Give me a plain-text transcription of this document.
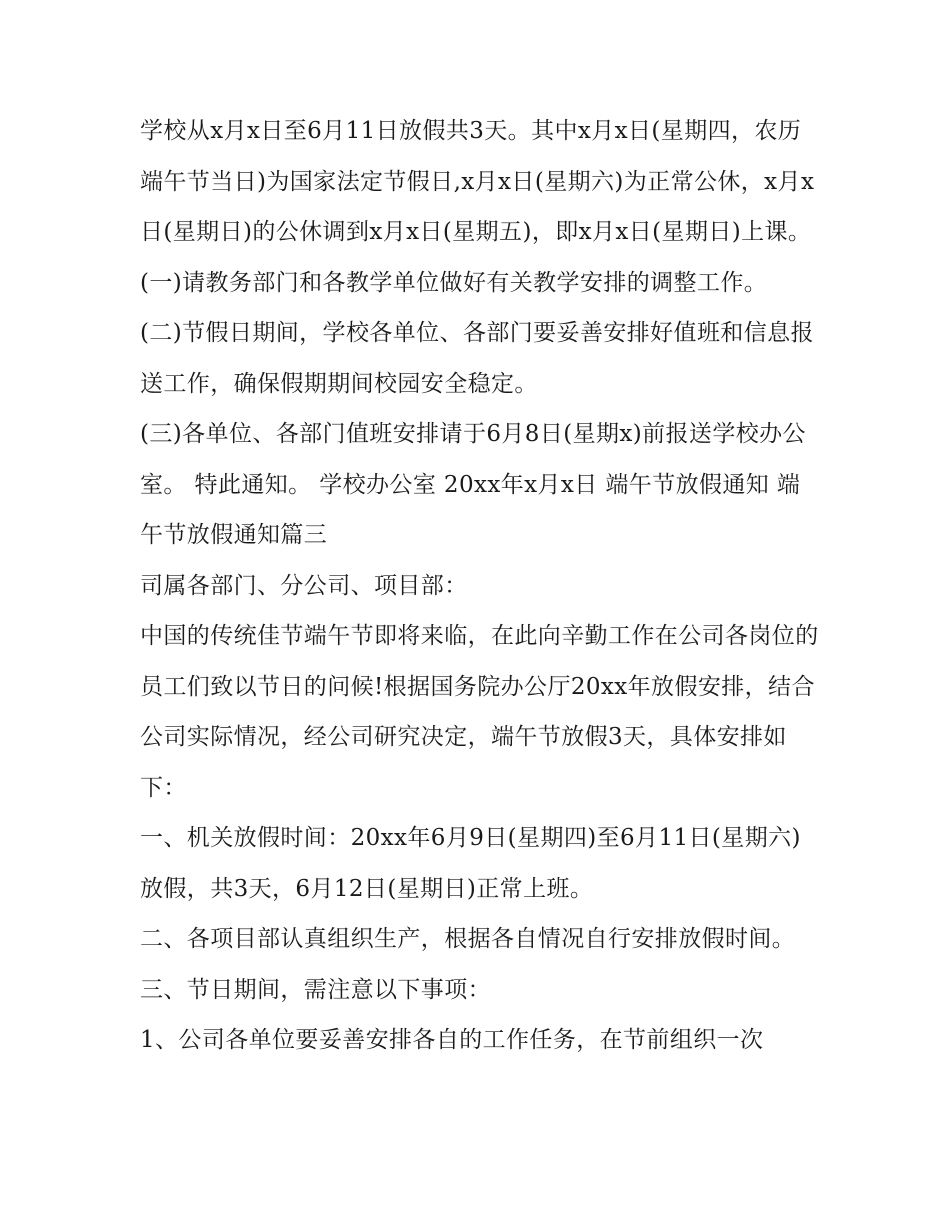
学校从x月x日至6月11日放假共3天。其中x月x日(星期四，农历端午节当日)为国家法定节假日,x月x日(星期六)为正常公休，x月x日(星期日)的公休调到x月x日(星期五)，即x月x日(星期日)上课。

(一)请教务部门和各教学单位做好有关教学安排的调整工作。

(二)节假日期间，学校各单位、各部门要妥善安排好值班和信息报送工作，确保假期期间校园安全稳定。

(三)各单位、各部门值班安排请于6月8日(星期x)前报送学校办公室。 特此通知。 学校办公室 20xx年x月x日 端午节放假通知 端午节放假通知篇三

司属各部门、分公司、项目部：

中国的传统佳节端午节即将来临，在此向辛勤工作在公司各岗位的员工们致以节日的问候!根据国务院办公厅20xx年放假安排，结合公司实际情况，经公司研究决定，端午节放假3天，具体安排如下：

一、机关放假时间：20xx年6月9日(星期四)至6月11日(星期六)放假，共3天，6月12日(星期日)正常上班。

二、各项目部认真组织生产，根据各自情况自行安排放假时间。 三、节日期间，需注意以下事项：

1、公司各单位要妥善安排各自的工作任务，在节前组织一次
